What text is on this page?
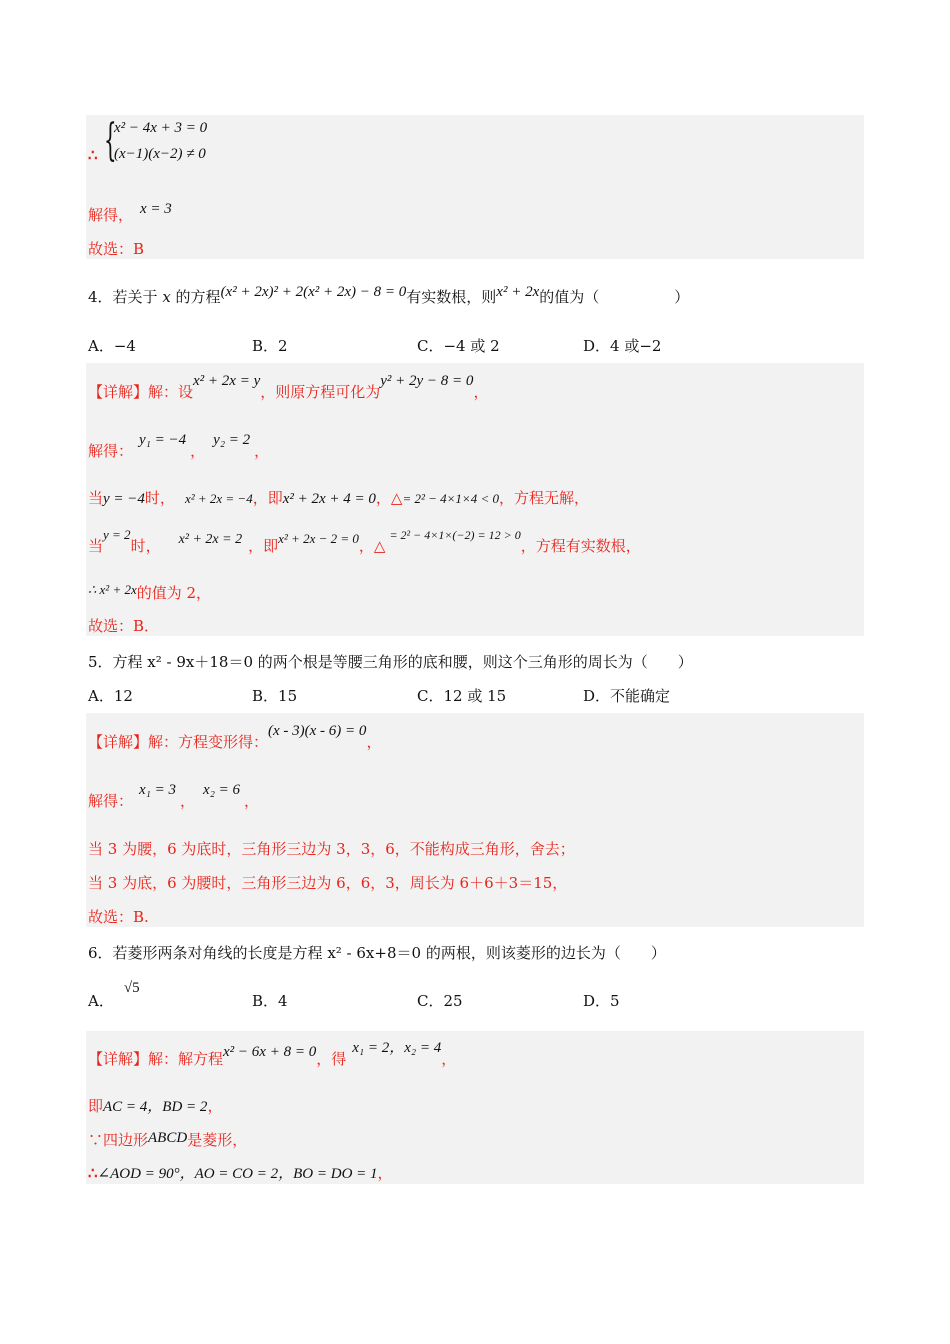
{
x² − 4x + 3 = 0
(x−1)(x−2) ≠ 0
∴
解得， x = 3
故选：B
4．若关于 x 的方程(x² + 2x)² + 2(x² + 2x) − 8 = 0有实数根，则x² + 2x的值为（　　　　　）
A．−4	B．2	C．−4 或 2	D．4 或−2
【详解】解：设x² + 2x = y，则原方程可化为y² + 2y − 8 = 0，
解得：y₁ = −4，y₂ = 2，
当y = −4时， x² + 2x = −4，即x² + 2x + 4 = 0，△= 2² − 4×1×4 < 0，方程无解，
当y = 2时， x² + 2x = 2 ，即x² + 2x − 2 = 0，△$^{= 2^2 - 4\times 1\times(-2) = 12 > 0}$，方程有实数根，
∴ x² + 2x的值为 2，
故选：B．
5．方程 x² - 9x＋18＝0 的两个根是等腰三角形的底和腰，则这个三角形的周长为（　　）
A．12	B．15	C．12 或 15	D．不能确定
【详解】解：方程变形得：(x - 3)(x - 6) = 0，
解得：x₁ = 3，x₂ = 6，
当 3 为腰，6 为底时，三角形三边为 3，3，6，不能构成三角形，舍去；
当 3 为底，6 为腰时，三角形三边为 6，6，3，周长为 6＋6＋3＝15，
故选：B.
6．若菱形两条对角线的长度是方程 x² - 6x+8＝0 的两根，则该菱形的边长为（　　）
A．√5
B．4	C．25	D．5
【详解】解：解方程x² − 6x + 8 = 0，得x₁ = 2，x₂ = 4，
即AC = 4，BD = 2，
∵四边形ABCD是菱形，
∴∠AOD = 90°，AO = CO = 2，BO = DO = 1，
